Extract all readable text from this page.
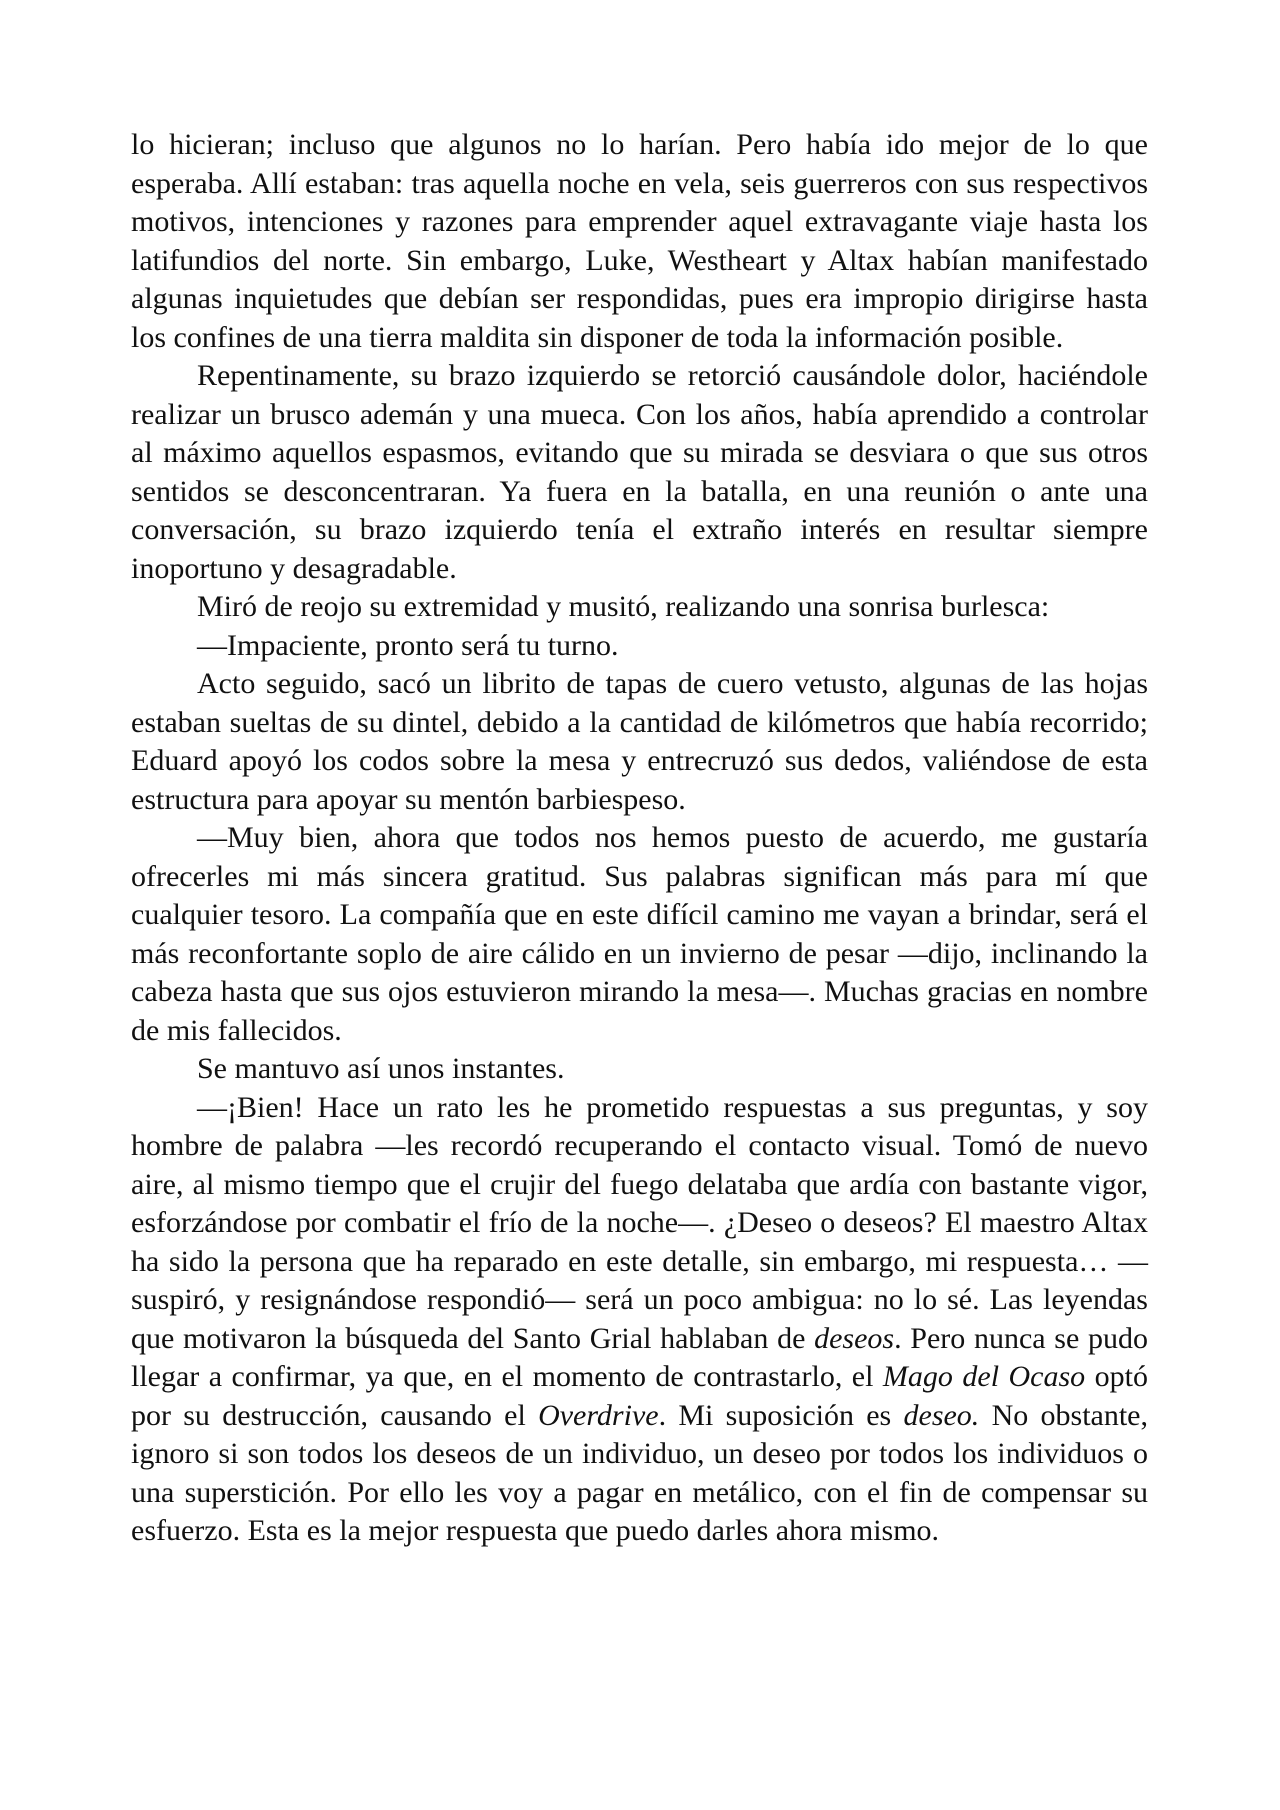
lo hicieran; incluso que algunos no lo harían. Pero había ido mejor de lo que esperaba. Allí estaban: tras aquella noche en vela, seis guerreros con sus respectivos motivos, intenciones y razones para emprender aquel extravagante viaje hasta los latifundios del norte. Sin embargo, Luke, Westheart y Altax habían manifestado algunas inquietudes que debían ser respondidas, pues era impropio dirigirse hasta los confines de una tierra maldita sin disponer de toda la información posible.

Repentinamente, su brazo izquierdo se retorció causándole dolor, haciéndole realizar un brusco ademán y una mueca. Con los años, había aprendido a controlar al máximo aquellos espasmos, evitando que su mirada se desviara o que sus otros sentidos se desconcentraran. Ya fuera en la batalla, en una reunión o ante una conversación, su brazo izquierdo tenía el extraño interés en resultar siempre inoportuno y desagradable.

Miró de reojo su extremidad y musitó, realizando una sonrisa burlesca:

—Impaciente, pronto será tu turno.

Acto seguido, sacó un librito de tapas de cuero vetusto, algunas de las hojas estaban sueltas de su dintel, debido a la cantidad de kilómetros que había recorrido; Eduard apoyó los codos sobre la mesa y entrecruzó sus dedos, valiéndose de esta estructura para apoyar su mentón barbiespeso.

—Muy bien, ahora que todos nos hemos puesto de acuerdo, me gustaría ofrecerles mi más sincera gratitud. Sus palabras significan más para mí que cualquier tesoro. La compañía que en este difícil camino me vayan a brindar, será el más reconfortante soplo de aire cálido en un invierno de pesar —dijo, inclinando la cabeza hasta que sus ojos estuvieron mirando la mesa—. Muchas gracias en nombre de mis fallecidos.

Se mantuvo así unos instantes.

—¡Bien! Hace un rato les he prometido respuestas a sus preguntas, y soy hombre de palabra —les recordó recuperando el contacto visual. Tomó de nuevo aire, al mismo tiempo que el crujir del fuego delataba que ardía con bastante vigor, esforzándose por combatir el frío de la noche—. ¿Deseo o deseos? El maestro Altax ha sido la persona que ha reparado en este detalle, sin embargo, mi respuesta… —suspiró, y resignándose respondió— será un poco ambigua: no lo sé. Las leyendas que motivaron la búsqueda del Santo Grial hablaban de deseos. Pero nunca se pudo llegar a confirmar, ya que, en el momento de contrastarlo, el Mago del Ocaso optó por su destrucción, causando el Overdrive. Mi suposición es deseo. No obstante, ignoro si son todos los deseos de un individuo, un deseo por todos los individuos o una superstición. Por ello les voy a pagar en metálico, con el fin de compensar su esfuerzo. Esta es la mejor respuesta que puedo darles ahora mismo.
